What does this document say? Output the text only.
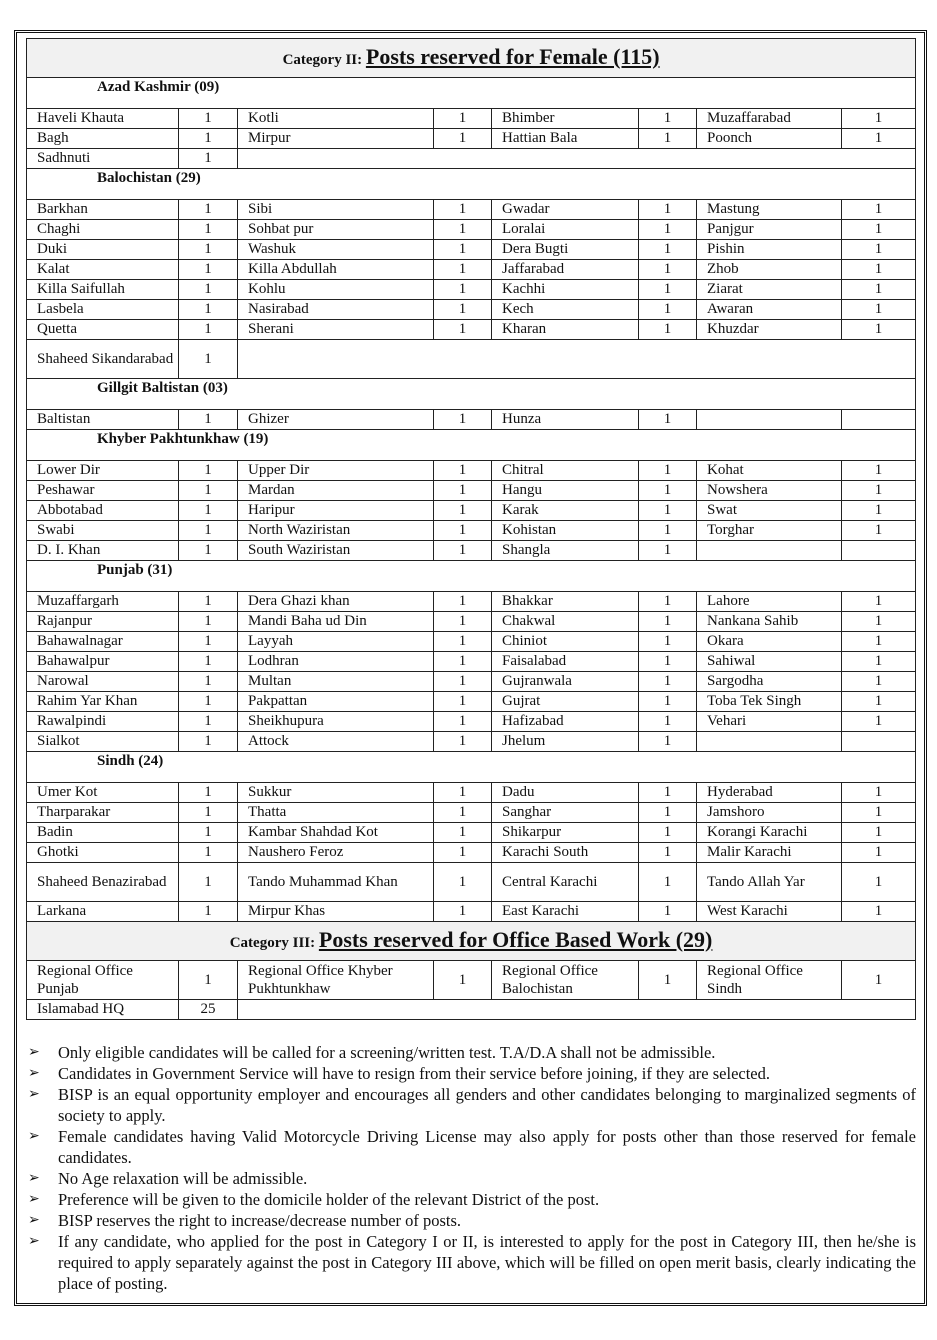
Category II: Posts reserved for Female (115)							
Azad Kashmir (09)							
Haveli Khauta	1	Kotli	1	Bhimber	1	Muzaffarabad	1
Bagh	1	Mirpur	1	Hattian Bala	1	Poonch	1
Sadhnuti	1						
Balochistan (29)							
Barkhan	1	Sibi	1	Gwadar	1	Mastung	1
Chaghi	1	Sohbat pur	1	Loralai	1	Panjgur	1
Duki	1	Washuk	1	Dera Bugti	1	Pishin	1
Kalat	1	Killa Abdullah	1	Jaffarabad	1	Zhob	1
Killa Saifullah	1	Kohlu	1	Kachhi	1	Ziarat	1
Lasbela	1	Nasirabad	1	Kech	1	Awaran	1
Quetta	1	Sherani	1	Kharan	1	Khuzdar	1
Shaheed Sikandarabad	1						
Gillgit Baltistan (03)							
Baltistan	1	Ghizer	1	Hunza	1		
Khyber Pakhtunkhaw (19)							
Lower Dir	1	Upper Dir	1	Chitral	1	Kohat	1
Peshawar	1	Mardan	1	Hangu	1	Nowshera	1
Abbotabad	1	Haripur	1	Karak	1	Swat	1
Swabi	1	North Waziristan	1	Kohistan	1	Torghar	1
D. I. Khan	1	South Waziristan	1	Shangla	1		
Punjab (31)							
Muzaffargarh	1	Dera Ghazi khan	1	Bhakkar	1	Lahore	1
Rajanpur	1	Mandi Baha ud Din	1	Chakwal	1	Nankana Sahib	1
Bahawalnagar	1	Layyah	1	Chiniot	1	Okara	1
Bahawalpur	1	Lodhran	1	Faisalabad	1	Sahiwal	1
Narowal	1	Multan	1	Gujranwala	1	Sargodha	1
Rahim Yar Khan	1	Pakpattan	1	Gujrat	1	Toba Tek Singh	1
Rawalpindi	1	Sheikhupura	1	Hafizabad	1	Vehari	1
Sialkot	1	Attock	1	Jhelum	1		
Sindh (24)							
Umer Kot	1	Sukkur	1	Dadu	1	Hyderabad	1
Tharparakar	1	Thatta	1	Sanghar	1	Jamshoro	1
Badin	1	Kambar Shahdad Kot	1	Shikarpur	1	Korangi Karachi	1
Ghotki	1	Naushero Feroz	1	Karachi South	1	Malir Karachi	1
Shaheed Benazirabad	1	Tando Muhammad Khan	1	Central Karachi	1	Tando Allah Yar	1
Larkana	1	Mirpur Khas	1	East Karachi	1	West Karachi	1
Category III: Posts reserved for Office Based Work (29)							
Regional Office Punjab	1	Regional Office Khyber Pukhtunkhaw	1	Regional Office Balochistan	1	Regional Office Sindh	1
Islamabad HQ	25						
➢ Only eligible candidates will be called for a screening/written test. T.A/D.A shall not be admissible.
➢ Candidates in Government Service will have to resign from their service before joining, if they are selected.
➢ BISP is an equal opportunity employer and encourages all genders and other candidates belonging to marginalized segments of society to apply.
➢ Female candidates having Valid Motorcycle Driving License may also apply for posts other than those reserved for female candidates.
➢ No Age relaxation will be admissible.
➢ Preference will be given to the domicile holder of the relevant District of the post.
➢ BISP reserves the right to increase/decrease number of posts.
➢ If any candidate, who applied for the post in Category I or II, is interested to apply for the post in Category III, then he/she is required to apply separately against the post in Category III above, which will be filled on open merit basis, clearly indicating the place of posting.
